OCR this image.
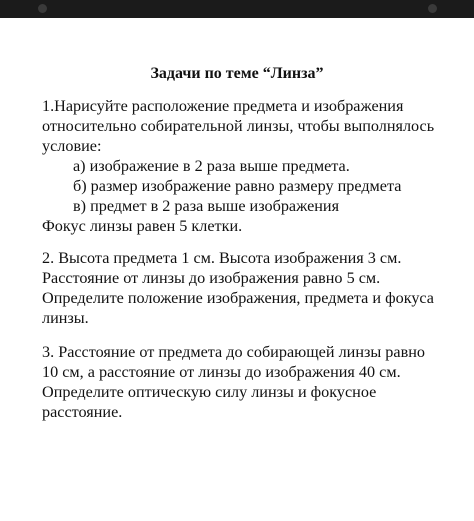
Задачи по теме “Линза”
1.Нарисуйте расположение предмета и изображения
относительно собирательной линзы, чтобы выполнялось
условие:
а) изображение в 2 раза выше предмета.
б) размер изображение равно размеру предмета
в) предмет в 2 раза выше изображения
Фокус линзы равен 5 клетки.
2. Высота предмета 1 см. Высота изображения 3 см.
Расстояние от линзы до изображения равно 5 см.
Определите положение изображения, предмета и фокуса
линзы.
3. Расстояние от предмета до собирающей линзы равно
10 см, а расстояние от линзы до изображения 40 см.
Определите оптическую силу линзы и фокусное
расстояние.
